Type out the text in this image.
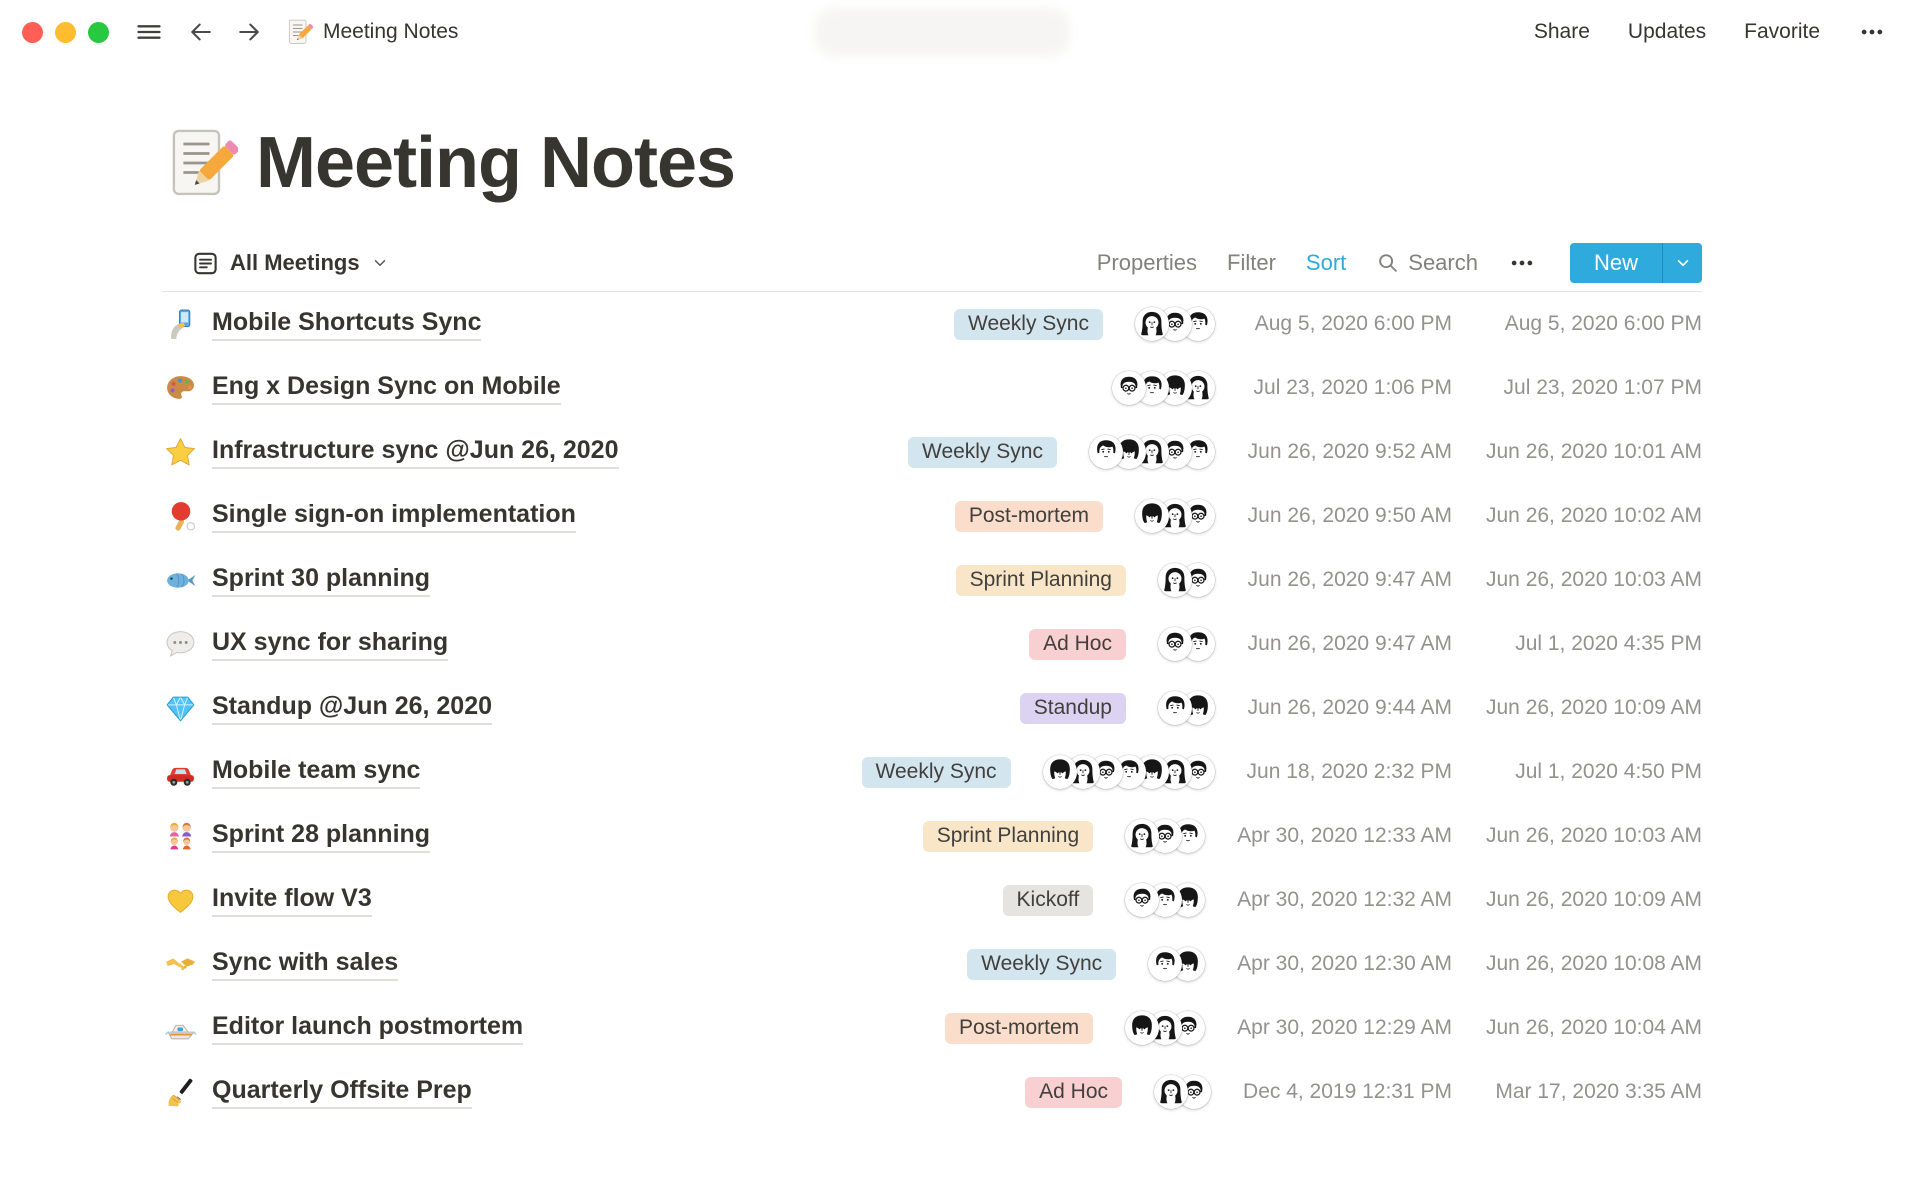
Meeting Notes	Share Updates Favorite
Meeting Notes
All Meetings	Properties Filter Sort	Search	New
Mobile Shortcuts Sync	Weekly Sync	Aug 5, 2020 6:00 PM	Aug 5, 2020 6:00 PM
Eng x Design Sync on Mobile	Jul 23, 2020 1:06 PM	Jul 23, 2020 1:07 PM
Infrastructure sync @Jun 26, 2020	Weekly Sync	Jun 26, 2020 9:52 AM Jun 26, 2020 10:01 AM
Single sign-on implementation	Post-mortem	Jun 26, 2020 9:50 AM Jun 26, 2020 10:02 AM
Sprint 30 planning	Sprint Planning	Jun 26, 2020 9:47 AM Jun 26, 2020 10:03 AM
UX sync for sharing	Ad Hoc	Jun 26, 2020 9:47 AM	Jul 1, 2020 4:35 PM
Standup @Jun 26, 2020	Standup	Jun 26, 2020 9:44 AM Jun 26, 2020 10:09 AM
Mobile team sync	Weekly Sync	Jun 18, 2020 2:32 PM	Jul 1, 2020 4:50 PM
Sprint 28 planning	Sprint Planning	Apr 30, 2020 12:33 AM Jun 26, 2020 10:03 AM
Invite flow V3	Kickoff	Apr 30, 2020 12:32 AM Jun 26, 2020 10:09 AM
Sync with sales	Weekly Sync	Apr 30, 2020 12:30 AM Jun 26, 2020 10:08 AM
Editor launch postmortem	Post-mortem	Apr 30, 2020 12:29 AM Jun 26, 2020 10:04 AM
Quarterly Offsite Prep	Ad Hoc	Dec 4, 2019 12:31 PM	Mar 17, 2020 3:35 AM
